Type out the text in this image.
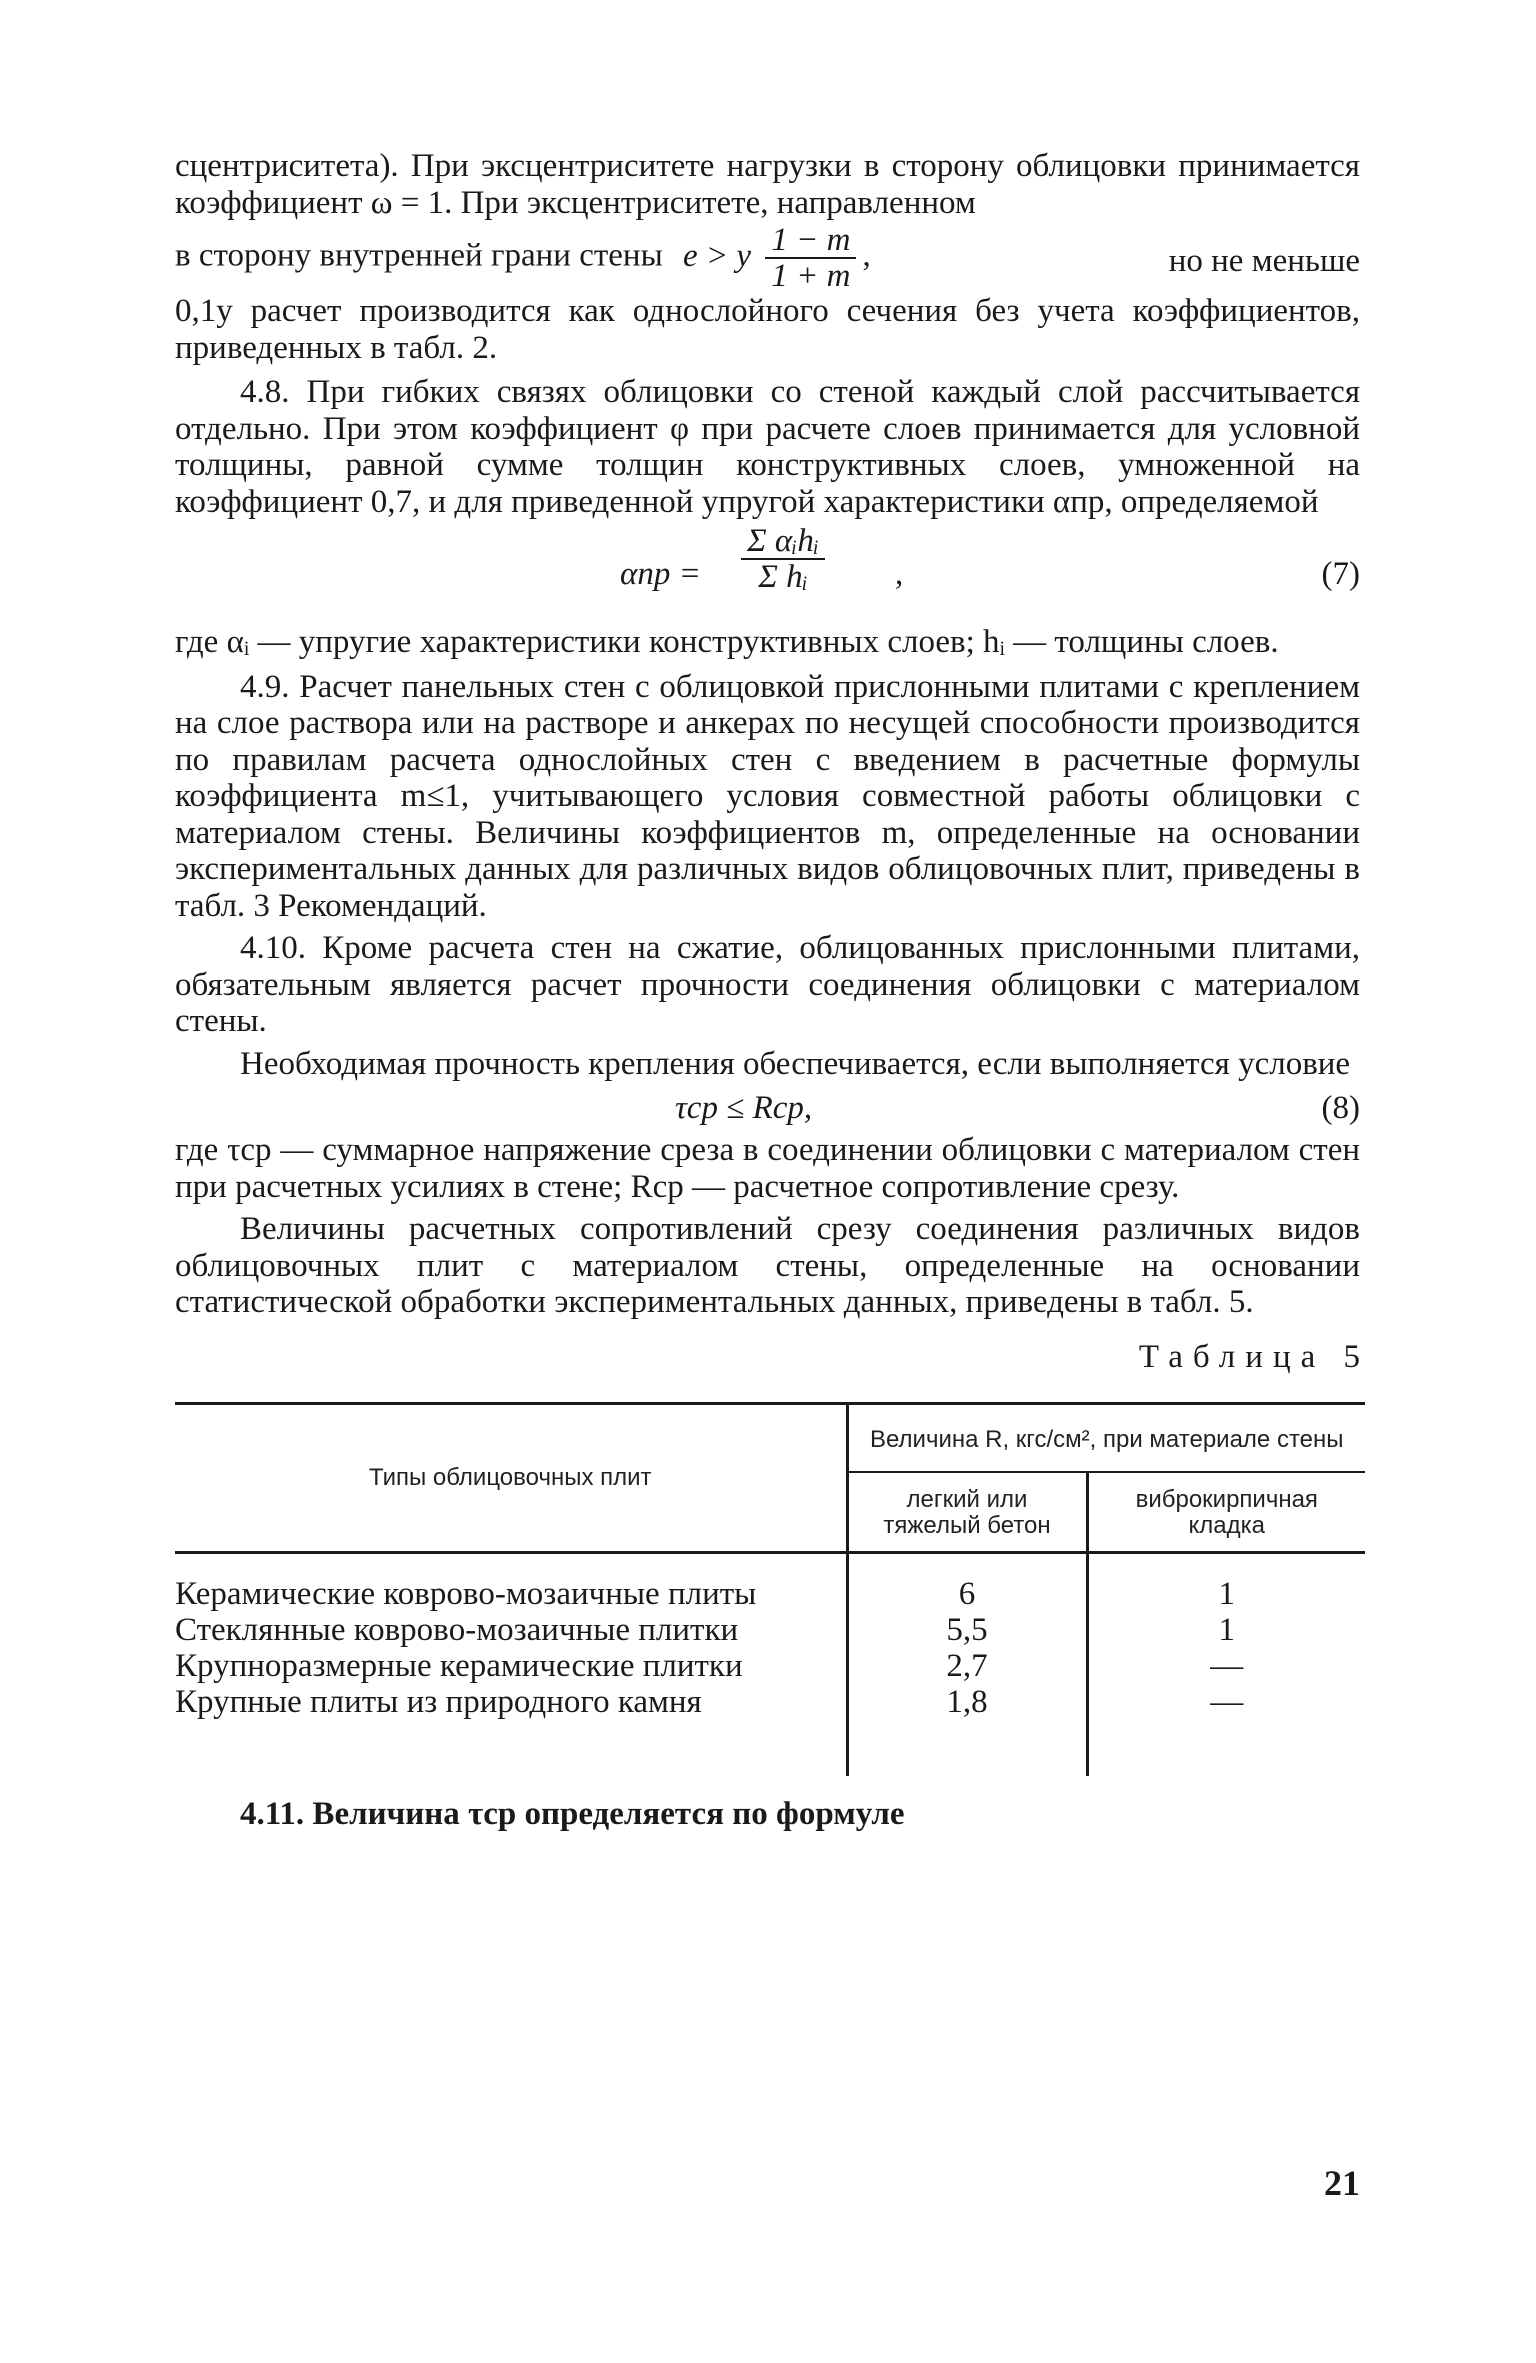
сцентриситета). При эксцентриситете нагрузки в сторону облицовки принимается коэффициент ω = 1. При эксцентриситете, направленном

в сторону внутренней грани стены e > y $\frac{1 - m}{1 + m}$ ,	но не меньше

0,1y расчет производится как однослойного сечения без учета коэффициентов, приведенных в табл. 2.

4.8. При гибких связях облицовки со стеной каждый слой рассчитывается отдельно. При этом коэффициент φ при расчете слоев принимается для условной толщины, равной сумме толщин конструктивных слоев, умноженной на коэффициент 0,7, и для приведенной упругой характеристики αпр, определяемой

αпр =
Σ αᵢhᵢ
Σ hᵢ	,	(7)

где αᵢ — упругие характеристики конструктивных слоев; hᵢ — толщины слоев.

4.9. Расчет панельных стен с облицовкой прислонными плитами с креплением на слое раствора или на растворе и анкерах по несущей способности производится по правилам расчета однослойных стен с введением в расчетные формулы коэффициента m≤1, учитывающего условия совместной работы облицовки с материалом стены. Величины коэффициентов m, определенные на основании экспериментальных данных для различных видов облицовочных плит, приведены в табл. 3 Рекомендаций.

4.10. Кроме расчета стен на сжатие, облицованных прислонными плитами, обязательным является расчет прочности соединения облицовки с материалом стены.

Необходимая прочность крепления обеспечивается, если выполняется условие

τср ≤ Rср,	(8)

где τср — суммарное напряжение среза в соединении облицовки с материалом стен при расчетных усилиях в стене; Rср — расчетное сопротивление срезу.

Величины расчетных сопротивлений срезу соединения различных видов облицовочных плит с материалом стены, определенные на основании статистической обработки экспериментальных данных, приведены в табл. 5.

Таблица 5
Типы облицовочных плит	Величина R, кгс/см², при материале стены	
	легкий или тяжелый бетон	виброкирпичная кладка
Керамические ковровo-мозаичные плиты	6	1
Стеклянные ковровo-мозаичные плитки	5,5	1
Крупноразмерные керамические плитки	2,7	—
Крупные плиты из природного камня	1,8	—
4.11. Величина τср определяется по формуле
21
